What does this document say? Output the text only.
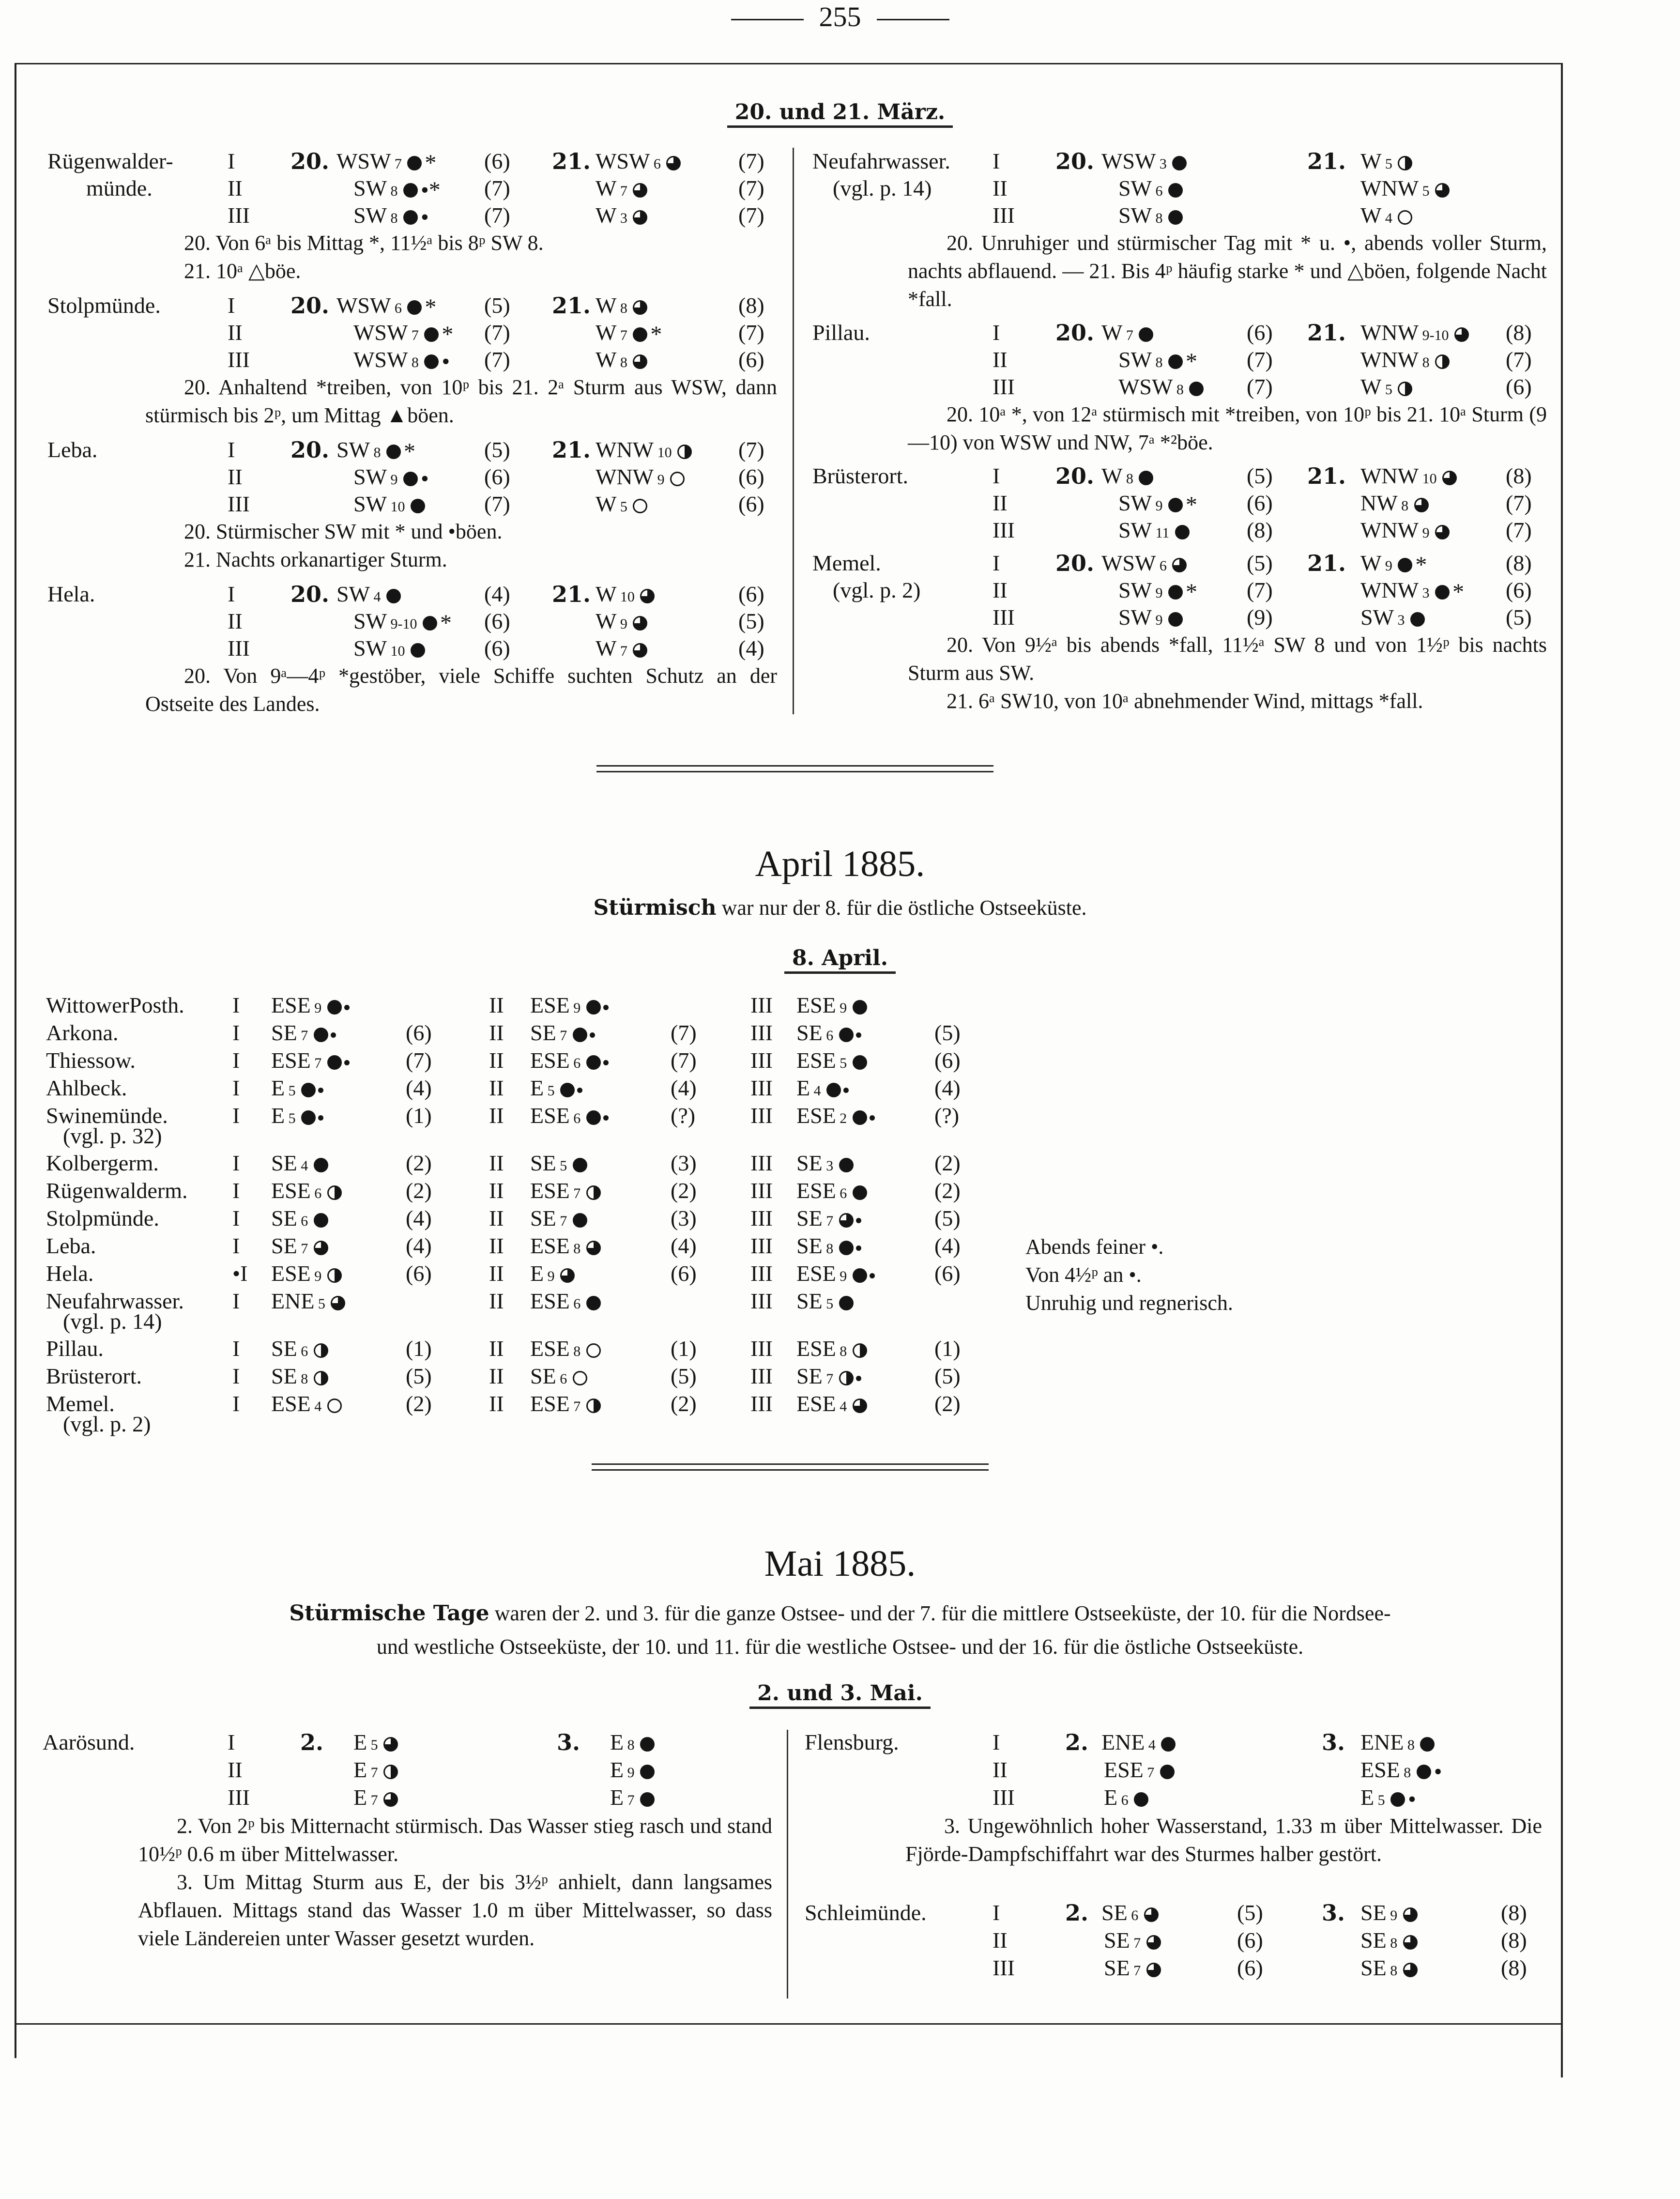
255
20. und 21. März.
Rügenwalder-
münde.
I 20. WSW 7 * (6) 21. WSW 6	(7)
II	SW 8 •* (7)	W 7	(7)
III	SW 8 • (7)	W 3	(7)
20. Von 6ᵃ bis Mittag *, 11½ᵃ bis 8ᵖ SW 8.
21. 10ᵃ △böe.
Stolpmünde.	I 20. WSW 6 * (5) 21. W 8	(8)
II	WSW 7 * (7)	W 7 *	(7)
III	WSW 8 • (7)	W 8	(6)
20. Anhaltend *treiben, von 10ᵖ bis 21. 2ᵃ Sturm aus WSW, dann stürmisch bis 2ᵖ, um Mittag ▲böen.
Leba.	I 20. SW 8 *	(5) 21. WNW 10	(7)
II	SW 9 • (6)	WNW 9	(6)
III	SW 10	(7)	W 5	(6)
20. Stürmischer SW mit * und •böen.
21. Nachts orkanartiger Sturm.
Hela.	I 20. SW 4	(4) 21. W 10	(6)
II	SW 9-10 * (6)	W 9	(5)
III	SW 10	(6)	W 7	(4)
20. Von 9ᵃ—4ᵖ *gestöber, viele Schiffe suchten Schutz an der Ostseite des Landes.
Neufahrwasser.
(vgl. p. 14)
I 20. WSW 3	21. W 5
II	SW 6	WNW 5
III	SW 8	W 4
20. Unruhiger und stürmischer Tag mit * u. •, abends voller Sturm, nachts abflauend. — 21. Bis 4ᵖ häufig starke * und △böen, folgende Nacht *fall.
Pillau.	I 20. W 7	(6) 21. WNW 9-10	(8)
II	SW 8 * (7)	WNW 8	(7)
III	WSW 8	(7)	W 5	(6)
20. 10ᵃ *, von 12ᵃ stürmisch mit *treiben, von 10ᵖ bis 21. 10ᵃ Sturm (9—10) von WSW und NW, 7ᵃ *²böe.
Brüsterort.	I 20. W 8	(5) 21. WNW 10	(8)
II	SW 9 * (6)	NW 8	(7)
III	SW 11	(8)	WNW 9	(7)
Memel.
(vgl. p. 2)
I 20. WSW 6	(5) 21. W 9 *	(8)
II	SW 9 * (7)	WNW 3 * (6)
III	SW 9	(9)	SW 3	(5)
20. Von 9½ᵃ bis abends *fall, 11½ᵃ SW 8 und von 1½ᵖ bis nachts Sturm aus SW.
21. 6ᵃ SW10, von 10ᵃ abnehmender Wind, mittags *fall.
April 1885.
Stürmisch war nur der 8. für die östliche Ostseeküste.
8. April.
WittowerPosth. I ESE 9	II ESE 9	III ESE 9
Arkona.	I SE 7	(6)	II SE 7	(7) III SE 6	(5)
Thiessow.	I ESE 7	(7)	II ESE 6	(7) III ESE 5	(6)
Ahlbeck.	I E 5	(4)	II E 5	(4) III E 4	(4)
Swinemünde.	I E 5	(1)	II ESE 6	(?) III ESE 2	(?)
(vgl. p. 32)
Kolbergerm.	I SE 4	(2)	II SE 5	(3) III SE 3	(2)
Rügenwalderm. I ESE 6	(2)	II ESE 7	(2) III ESE 6	(2)
Stolpmünde.	I SE 6	(4)	II SE 7	(3) III SE 7	(5)
Leba.	I SE 7	(4)	II ESE 8	(4) III SE 8	(4)
Hela.	•I ESE 9	(6)	II E 9	(6) III ESE 9	(6)
Neufahrwasser. I ENE 5	II ESE 6	III SE 5
(vgl. p. 14)
Pillau.	I SE 6	(1)	II ESE 8	(1) III ESE 8	(1)
Brüsterort.	I SE 8	(5)	II SE 6	(5) III SE 7	(5)
Memel.	I ESE 4	(2)	II ESE 7	(2) III ESE 4	(2)
(vgl. p. 2)
Abends feiner •.
Von 4½ᵖ an •.
Unruhig und regnerisch.
Mai 1885.
Stürmische Tage waren der 2. und 3. für die ganze Ostsee- und der 7. für die mittlere Ostseeküste, der 10. für die Nordsee-
und westliche Ostseeküste, der 10. und 11. für die westliche Ostsee- und der 16. für die östliche Ostseeküste.
2. und 3. Mai.
Aarösund.	I	2. E 5	3. E 8
II	E 7	E 9
III	E 7	E 7
2. Von 2ᵖ bis Mitternacht stürmisch. Das Wasser stieg rasch und stand 10½ᵖ 0.6 m über Mittelwasser.
3. Um Mittag Sturm aus E, der bis 3½ᵖ anhielt, dann langsames Abflauen. Mittags stand das Wasser 1.0 m über Mittelwasser, so dass viele Ländereien unter Wasser gesetzt wurden.
Flensburg.	I	2. ENE 4	3. ENE 8
II	ESE 7	ESE 8 •
III	E 6	E 5 •
3. Ungewöhnlich hoher Wasserstand, 1.33 m über Mittelwasser. Die Fjörde-Dampfschiffahrt war des Sturmes halber gestört.
Schleimünde.	I	2. SE 6	(5)	3. SE 9	(8)
II	SE 7	(6)	SE 8	(8)
III	SE 7	(6)	SE 8	(8)
